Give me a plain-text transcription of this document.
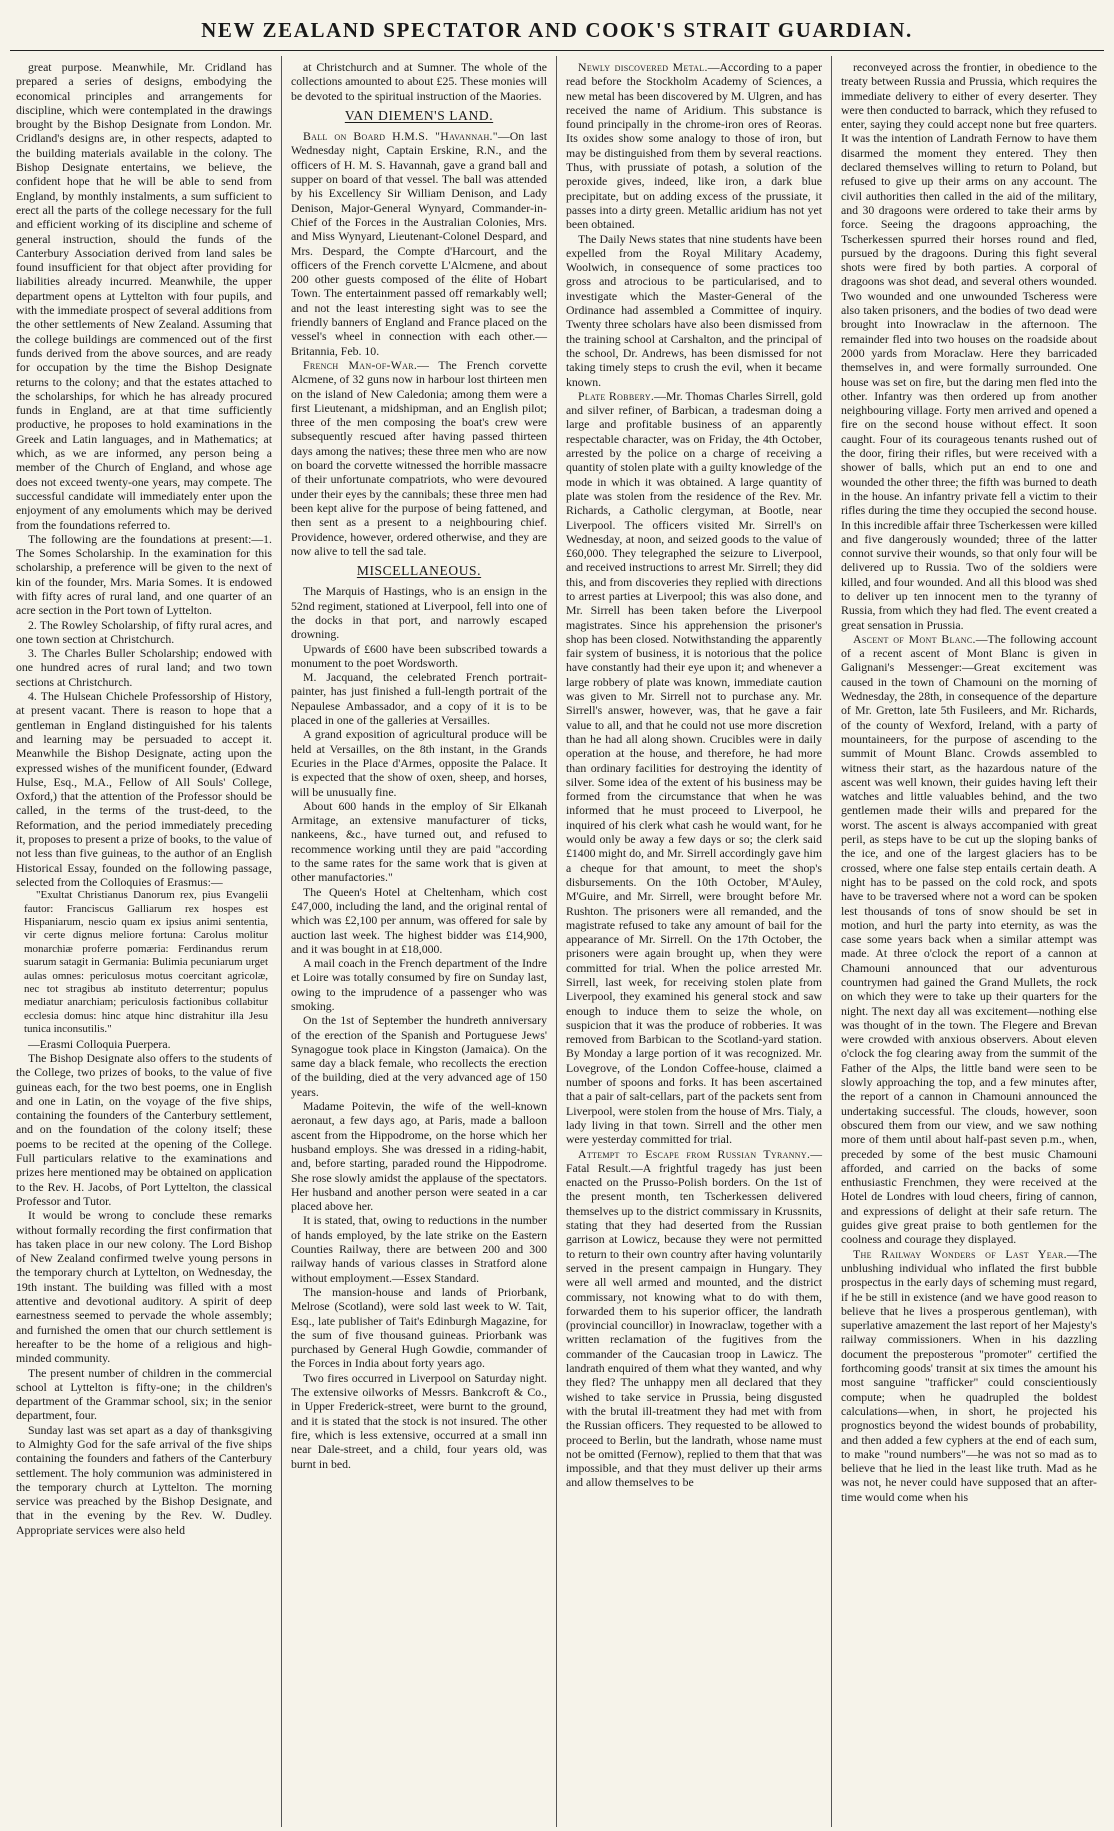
NEW ZEALAND SPECTATOR AND COOK'S STRAIT GUARDIAN.

great purpose. Meanwhile, Mr. Cridland has prepared a series of designs, embodying the economical principles and arrangements for discipline, which were contemplated in the drawings brought by the Bishop Designate from London. Mr. Cridland's designs are, in other respects, adapted to the building materials available in the colony. The Bishop Designate entertains, we believe, the confident hope that he will be able to send from England, by monthly instalments, a sum sufficient to erect all the parts of the college necessary for the full and efficient working of its discipline and scheme of general instruction, should the funds of the Canterbury Association derived from land sales be found insufficient for that object after providing for liabilities already incurred. Meanwhile, the upper department opens at Lyttelton with four pupils, and with the immediate prospect of several additions from the other settlements of New Zealand. Assuming that the college buildings are commenced out of the first funds derived from the above sources, and are ready for occupation by the time the Bishop Designate returns to the colony; and that the estates attached to the scholarships, for which he has already procured funds in England, are at that time sufficiently productive, he proposes to hold examinations in the Greek and Latin languages, and in Mathematics; at which, as we are informed, any person being a member of the Church of England, and whose age does not exceed twenty-one years, may compete. The successful candidate will immediately enter upon the enjoyment of any emoluments which may be derived from the foundations referred to.

The following are the foundations at present:—1. The Somes Scholarship. In the examination for this scholarship, a preference will be given to the next of kin of the founder, Mrs. Maria Somes. It is endowed with fifty acres of rural land, and one quarter of an acre section in the Port town of Lyttelton.

2. The Rowley Scholarship, of fifty rural acres, and one town section at Christchurch.

3. The Charles Buller Scholarship; endowed with one hundred acres of rural land; and two town sections at Christchurch.

4. The Hulsean Chichele Professorship of History, at present vacant. There is reason to hope that a gentleman in England distinguished for his talents and learning may be persuaded to accept it. Meanwhile the Bishop Designate, acting upon the expressed wishes of the munificent founder, (Edward Hulse, Esq., M.A., Fellow of All Souls' College, Oxford,) that the attention of the Professor should be called, in the terms of the trust-deed, to the Reformation, and the period immediately preceding it, proposes to present a prize of books, to the value of not less than five guineas, to the author of an English Historical Essay, founded on the following passage, selected from the Colloquies of Erasmus:—

"Exultat Christianus Danorum rex, pius Evangelii fautor: Franciscus Galliarum rex hospes est Hispaniarum, nescio quam ex ipsius animi sententia, vir certe dignus meliore fortuna: Carolus molitur monarchiæ proferre pomæria: Ferdinandus rerum suarum satagit in Germania: Bulimia pecuniarum urget aulas omnes: periculosus motus coercitant agricolæ, nec tot stragibus ab instituto deterrentur; populus mediatur anarchiam; periculosis factionibus collabitur ecclesia domus: hinc atque hinc distrahitur illa Jesu tunica inconsutilis."

—Erasmi Colloquia Puerpera.

The Bishop Designate also offers to the students of the College, two prizes of books, to the value of five guineas each, for the two best poems, one in English and one in Latin, on the voyage of the five ships, containing the founders of the Canterbury settlement, and on the foundation of the colony itself; these poems to be recited at the opening of the College. Full particulars relative to the examinations and prizes here mentioned may be obtained on application to the Rev. H. Jacobs, of Port Lyttelton, the classical Professor and Tutor.

It would be wrong to conclude these remarks without formally recording the first confirmation that has taken place in our new colony. The Lord Bishop of New Zealand confirmed twelve young persons in the temporary church at Lyttelton, on Wednesday, the 19th instant. The building was filled with a most attentive and devotional auditory. A spirit of deep earnestness seemed to pervade the whole assembly; and furnished the omen that our church settlement is hereafter to be the home of a religious and high-minded community.

The present number of children in the commercial school at Lyttelton is fifty-one; in the children's department of the Grammar school, six; in the senior department, four.

Sunday last was set apart as a day of thanksgiving to Almighty God for the safe arrival of the five ships containing the founders and fathers of the Canterbury settlement. The holy communion was administered in the temporary church at Lyttelton. The morning service was preached by the Bishop Designate, and that in the evening by the Rev. W. Dudley. Appropriate services were also held

at Christchurch and at Sumner. The whole of the collections amounted to about £25. These monies will be devoted to the spiritual instruction of the Maories.

VAN DIEMEN'S LAND.

Ball on Board H.M.S. "Havannah."—On last Wednesday night, Captain Erskine, R.N., and the officers of H. M. S. Havannah, gave a grand ball and supper on board of that vessel. The ball was attended by his Excellency Sir William Denison, and Lady Denison, Major-General Wynyard, Commander-in-Chief of the Forces in the Australian Colonies, Mrs. and Miss Wynyard, Lieutenant-Colonel Despard, and Mrs. Despard, the Compte d'Harcourt, and the officers of the French corvette L'Alcmene, and about 200 other guests composed of the élite of Hobart Town. The entertainment passed off remarkably well; and not the least interesting sight was to see the friendly banners of England and France placed on the vessel's wheel in connection with each other.—Britannia, Feb. 10.

French Man-of-War.— The French corvette Alcmene, of 32 guns now in harbour lost thirteen men on the island of New Caledonia; among them were a first Lieutenant, a midshipman, and an English pilot; three of the men composing the boat's crew were subsequently rescued after having passed thirteen days among the natives; these three men who are now on board the corvette witnessed the horrible massacre of their unfortunate compatriots, who were devoured under their eyes by the cannibals; these three men had been kept alive for the purpose of being fattened, and then sent as a present to a neighbouring chief. Providence, however, ordered otherwise, and they are now alive to tell the sad tale.

MISCELLANEOUS.

The Marquis of Hastings, who is an ensign in the 52nd regiment, stationed at Liverpool, fell into one of the docks in that port, and narrowly escaped drowning.

Upwards of £600 have been subscribed towards a monument to the poet Wordsworth.

M. Jacquand, the celebrated French portrait-painter, has just finished a full-length portrait of the Nepaulese Ambassador, and a copy of it is to be placed in one of the galleries at Versailles.

A grand exposition of agricultural produce will be held at Versailles, on the 8th instant, in the Grands Ecuries in the Place d'Armes, opposite the Palace. It is expected that the show of oxen, sheep, and horses, will be unusually fine.

About 600 hands in the employ of Sir Elkanah Armitage, an extensive manufacturer of ticks, nankeens, &c., have turned out, and refused to recommence working until they are paid "according to the same rates for the same work that is given at other manufactories."

The Queen's Hotel at Cheltenham, which cost £47,000, including the land, and the original rental of which was £2,100 per annum, was offered for sale by auction last week. The highest bidder was £14,900, and it was bought in at £18,000.

A mail coach in the French department of the Indre et Loire was totally consumed by fire on Sunday last, owing to the imprudence of a passenger who was smoking.

On the 1st of September the hundreth anniversary of the erection of the Spanish and Portuguese Jews' Synagogue took place in Kingston (Jamaica). On the same day a black female, who recollects the erection of the building, died at the very advanced age of 150 years.

Madame Poitevin, the wife of the well-known aeronaut, a few days ago, at Paris, made a balloon ascent from the Hippodrome, on the horse which her husband employs. She was dressed in a riding-habit, and, before starting, paraded round the Hippodrome. She rose slowly amidst the applause of the spectators. Her husband and another person were seated in a car placed above her.

It is stated, that, owing to reductions in the number of hands employed, by the late strike on the Eastern Counties Railway, there are between 200 and 300 railway hands of various classes in Stratford alone without employment.—Essex Standard.

The mansion-house and lands of Priorbank, Melrose (Scotland), were sold last week to W. Tait, Esq., late publisher of Tait's Edinburgh Magazine, for the sum of five thousand guineas. Priorbank was purchased by General Hugh Gowdie, commander of the Forces in India about forty years ago.

Two fires occurred in Liverpool on Saturday night. The extensive oilworks of Messrs. Bankcroft & Co., in Upper Frederick-street, were burnt to the ground, and it is stated that the stock is not insured. The other fire, which is less extensive, occurred at a small inn near Dale-street, and a child, four years old, was burnt in bed.

Newly discovered Metal.—According to a paper read before the Stockholm Academy of Sciences, a new metal has been discovered by M. Ulgren, and has received the name of Aridium. This substance is found principally in the chrome-iron ores of Reoras. Its oxides show some analogy to those of iron, but may be distinguished from them by several reactions. Thus, with prussiate of potash, a solution of the peroxide gives, indeed, like iron, a dark blue precipitate, but on adding excess of the prussiate, it passes into a dirty green. Metallic aridium has not yet been obtained.

The Daily News states that nine students have been expelled from the Royal Military Academy, Woolwich, in consequence of some practices too gross and atrocious to be particularised, and to investigate which the Master-General of the Ordinance had assembled a Committee of inquiry. Twenty three scholars have also been dismissed from the training school at Carshalton, and the principal of the school, Dr. Andrews, has been dismissed for not taking timely steps to crush the evil, when it became known.

Plate Robbery.—Mr. Thomas Charles Sirrell, gold and silver refiner, of Barbican, a tradesman doing a large and profitable business of an apparently respectable character, was on Friday, the 4th October, arrested by the police on a charge of receiving a quantity of stolen plate with a guilty knowledge of the mode in which it was obtained. A large quantity of plate was stolen from the residence of the Rev. Mr. Richards, a Catholic clergyman, at Bootle, near Liverpool. The officers visited Mr. Sirrell's on Wednesday, at noon, and seized goods to the value of £60,000. They telegraphed the seizure to Liverpool, and received instructions to arrest Mr. Sirrell; they did this, and from discoveries they replied with directions to arrest parties at Liverpool; this was also done, and Mr. Sirrell has been taken before the Liverpool magistrates. Since his apprehension the prisoner's shop has been closed. Notwithstanding the apparently fair system of business, it is notorious that the police have constantly had their eye upon it; and whenever a large robbery of plate was known, immediate caution was given to Mr. Sirrell not to purchase any. Mr. Sirrell's answer, however, was, that he gave a fair value to all, and that he could not use more discretion than he had all along shown. Crucibles were in daily operation at the house, and therefore, he had more than ordinary facilities for destroying the identity of silver. Some idea of the extent of his business may be formed from the circumstance that when he was informed that he must proceed to Liverpool, he inquired of his clerk what cash he would want, for he would only be away a few days or so; the clerk said £1400 might do, and Mr. Sirrell accordingly gave him a cheque for that amount, to meet the shop's disbursements. On the 10th October, M'Auley, M'Guire, and Mr. Sirrell, were brought before Mr. Rushton. The prisoners were all remanded, and the magistrate refused to take any amount of bail for the appearance of Mr. Sirrell. On the 17th October, the prisoners were again brought up, when they were committed for trial. When the police arrested Mr. Sirrell, last week, for receiving stolen plate from Liverpool, they examined his general stock and saw enough to induce them to seize the whole, on suspicion that it was the produce of robberies. It was removed from Barbican to the Scotland-yard station. By Monday a large portion of it was recognized. Mr. Lovegrove, of the London Coffee-house, claimed a number of spoons and forks. It has been ascertained that a pair of salt-cellars, part of the packets sent from Liverpool, were stolen from the house of Mrs. Tialy, a lady living in that town. Sirrell and the other men were yesterday committed for trial.

Attempt to Escape from Russian Tyranny.—Fatal Result.—A frightful tragedy has just been enacted on the Prusso-Polish borders. On the 1st of the present month, ten Tscherkessen delivered themselves up to the district commissary in Krussnits, stating that they had deserted from the Russian garrison at Lowicz, because they were not permitted to return to their own country after having voluntarily served in the present campaign in Hungary. They were all well armed and mounted, and the district commissary, not knowing what to do with them, forwarded them to his superior officer, the landrath (provincial councillor) in Inowraclaw, together with a written reclamation of the fugitives from the commander of the Caucasian troop in Lawicz. The landrath enquired of them what they wanted, and why they fled? The unhappy men all declared that they wished to take service in Prussia, being disgusted with the brutal ill-treatment they had met with from the Russian officers. They requested to be allowed to proceed to Berlin, but the landrath, whose name must not be omitted (Fernow), replied to them that that was impossible, and that they must deliver up their arms and allow themselves to be

reconveyed across the frontier, in obedience to the treaty between Russia and Prussia, which requires the immediate delivery to either of every deserter. They were then conducted to barrack, which they refused to enter, saying they could accept none but free quarters. It was the intention of Landrath Fernow to have them disarmed the moment they entered. They then declared themselves willing to return to Poland, but refused to give up their arms on any account. The civil authorities then called in the aid of the military, and 30 dragoons were ordered to take their arms by force. Seeing the dragoons approaching, the Tscherkessen spurred their horses round and fled, pursued by the dragoons. During this fight several shots were fired by both parties. A corporal of dragoons was shot dead, and several others wounded. Two wounded and one unwounded Tscheress were also taken prisoners, and the bodies of two dead were brought into Inowraclaw in the afternoon. The remainder fled into two houses on the roadside about 2000 yards from Moraclaw. Here they barricaded themselves in, and were formally surrounded. One house was set on fire, but the daring men fled into the other. Infantry was then ordered up from another neighbouring village. Forty men arrived and opened a fire on the second house without effect. It soon caught. Four of its courageous tenants rushed out of the door, firing their rifles, but were received with a shower of balls, which put an end to one and wounded the other three; the fifth was burned to death in the house. An infantry private fell a victim to their rifles during the time they occupied the second house. In this incredible affair three Tscherkessen were killed and five dangerously wounded; three of the latter connot survive their wounds, so that only four will be delivered up to Russia. Two of the soldiers were killed, and four wounded. And all this blood was shed to deliver up ten innocent men to the tyranny of Russia, from which they had fled. The event created a great sensation in Prussia.

Ascent of Mont Blanc.—The following account of a recent ascent of Mont Blanc is given in Galignani's Messenger:—Great excitement was caused in the town of Chamouni on the morning of Wednesday, the 28th, in consequence of the departure of Mr. Gretton, late 5th Fusileers, and Mr. Richards, of the county of Wexford, Ireland, with a party of mountaineers, for the purpose of ascending to the summit of Mount Blanc. Crowds assembled to witness their start, as the hazardous nature of the ascent was well known, their guides having left their watches and little valuables behind, and the two gentlemen made their wills and prepared for the worst. The ascent is always accompanied with great peril, as steps have to be cut up the sloping banks of the ice, and one of the largest glaciers has to be crossed, where one false step entails certain death. A night has to be passed on the cold rock, and spots have to be traversed where not a word can be spoken lest thousands of tons of snow should be set in motion, and hurl the party into eternity, as was the case some years back when a similar attempt was made. At three o'clock the report of a cannon at Chamouni announced that our adventurous countrymen had gained the Grand Mullets, the rock on which they were to take up their quarters for the night. The next day all was excitement—nothing else was thought of in the town. The Flegere and Brevan were crowded with anxious observers. About eleven o'clock the fog clearing away from the summit of the Father of the Alps, the little band were seen to be slowly approaching the top, and a few minutes after, the report of a cannon in Chamouni announced the undertaking successful. The clouds, however, soon obscured them from our view, and we saw nothing more of them until about half-past seven p.m., when, preceded by some of the best music Chamouni afforded, and carried on the backs of some enthusiastic Frenchmen, they were received at the Hotel de Londres with loud cheers, firing of cannon, and expressions of delight at their safe return. The guides give great praise to both gentlemen for the coolness and courage they displayed.

The Railway Wonders of Last Year.—The unblushing individual who inflated the first bubble prospectus in the early days of scheming must regard, if he be still in existence (and we have good reason to believe that he lives a prosperous gentleman), with superlative amazement the last report of her Majesty's railway commissioners. When in his dazzling document the preposterous "promoter" certified the forthcoming goods' transit at six times the amount his most sanguine "trafficker" could conscientiously compute; when he quadrupled the boldest calculations—when, in short, he projected his prognostics beyond the widest bounds of probability, and then added a few cyphers at the end of each sum, to make "round numbers"—he was not so mad as to believe that he lied in the least like truth. Mad as he was not, he never could have supposed that an after-time would come when his
